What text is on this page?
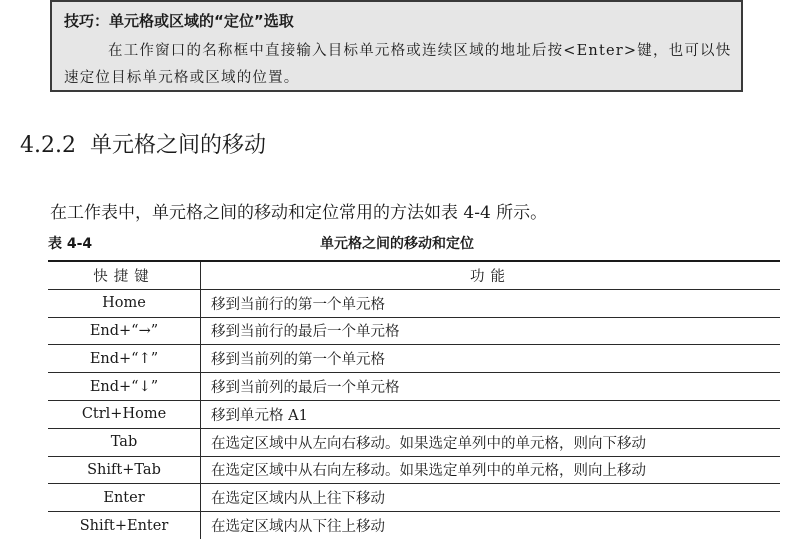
技巧：单元格或区域的“定位”选取
在工作窗口的名称框中直接输入目标单元格或连续区域的地址后按<Enter>键，也可以快速定位目标单元格或区域的位置。
4.2.2 单元格之间的移动
在工作表中，单元格之间的移动和定位常用的方法如表 4-4 所示。
表 4-4	单元格之间的移动和定位
快捷键	功能
Home	移到当前行的第一个单元格
End+“→”	移到当前行的最后一个单元格
End+“↑”	移到当前列的第一个单元格
End+“↓”	移到当前列的最后一个单元格
Ctrl+Home	移到单元格 A1
Tab	在选定区域中从左向右移动。如果选定单列中的单元格，则向下移动
Shift+Tab	在选定区域中从右向左移动。如果选定单列中的单元格，则向上移动
Enter	在选定区域内从上往下移动
Shift+Enter	在选定区域内从下往上移动
